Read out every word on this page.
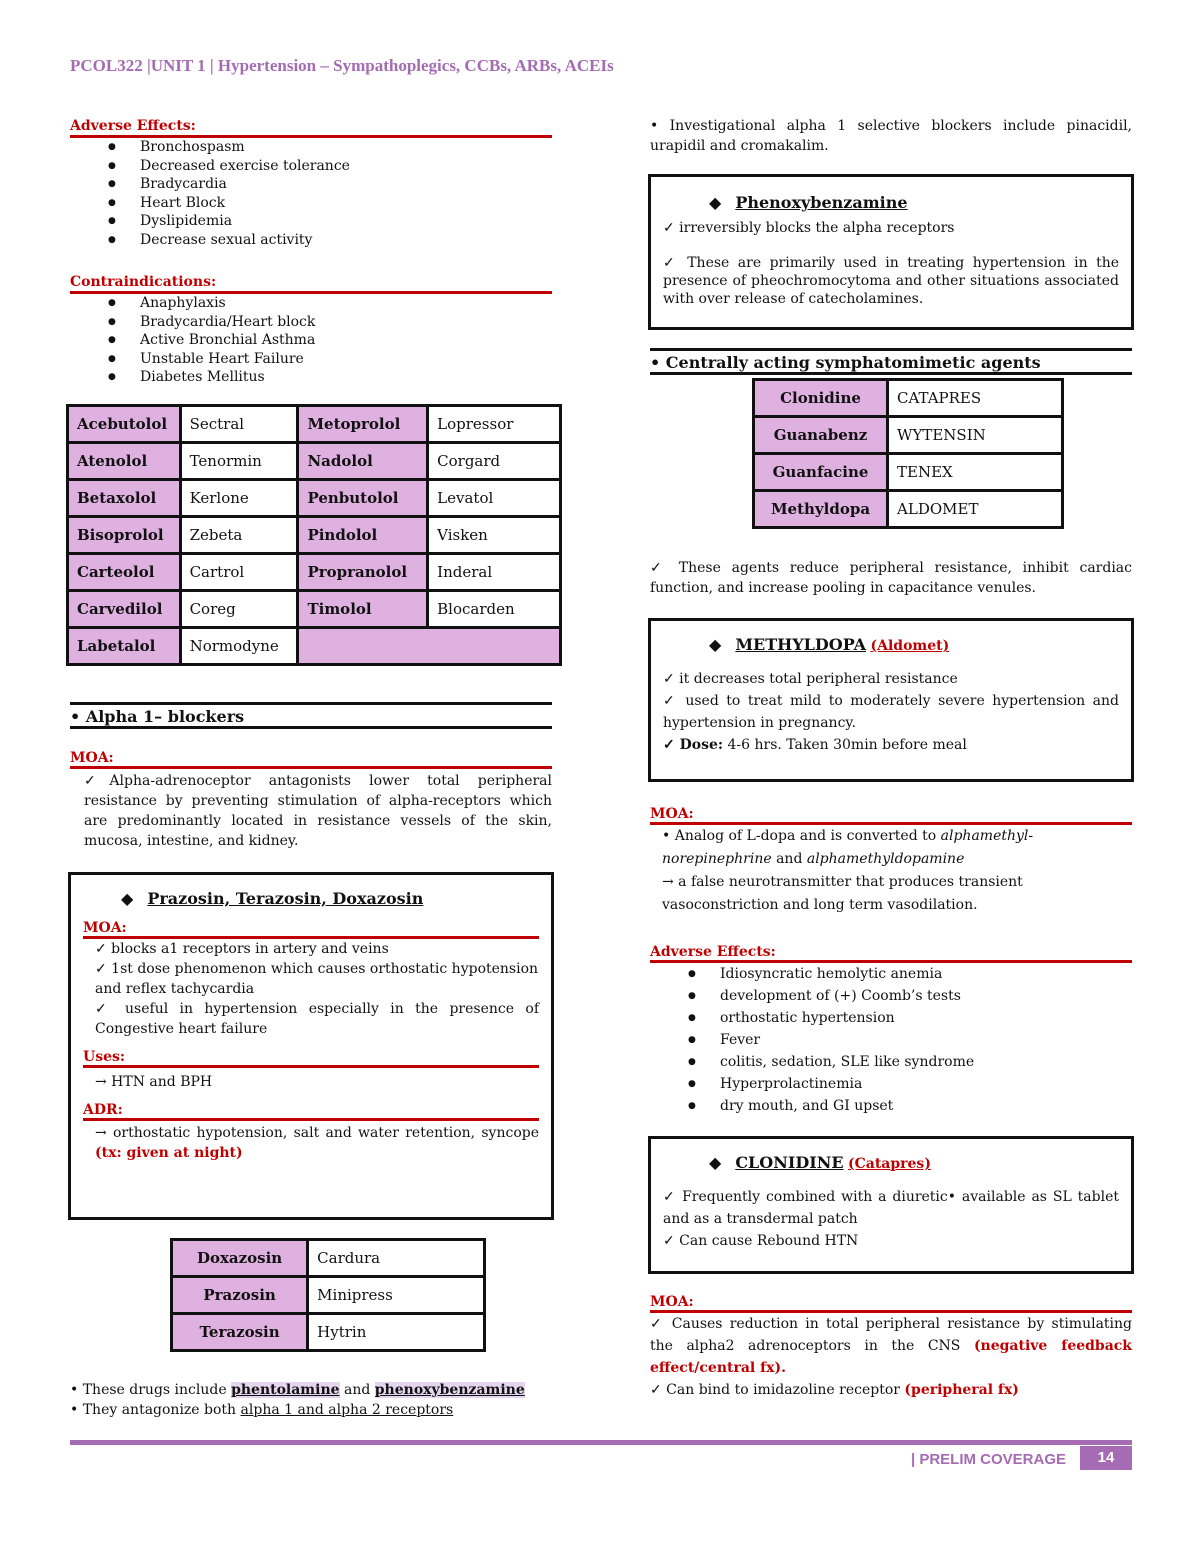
PCOL322 |UNIT 1 | Hypertension – Sympathoplegics, CCBs, ARBs, ACEIs
Adverse Effects:
● Bronchospasm
● Decreased exercise tolerance
● Bradycardia
● Heart Block
● Dyslipidemia
● Decrease sexual activity
Contraindications:
● Anaphylaxis
● Bradycardia/Heart block
● Active Bronchial Asthma
● Unstable Heart Failure
● Diabetes Mellitus
Acebutolol	Sectral	Metoprolol	Lopressor
Atenolol	Tenormin	Nadolol	Corgard
Betaxolol	Kerlone	Penbutolol	Levatol
Bisoprolol	Zebeta	Pindolol	Visken
Carteolol	Cartrol	Propranolol	Inderal
Carvedilol	Coreg	Timolol	Blocarden
Labetalol	Normodyne		
• Alpha 1– blockers
MOA:
✓Alpha-adrenoceptor antagonists lower total peripheral resistance by preventing stimulation of alpha-receptors which are predominantly located in resistance vessels of the skin, mucosa, intestine, and kidney.
◆ Prazosin, Terazosin, Doxazosin
MOA:
✓ blocks a1 receptors in artery and veins
✓ 1st dose phenomenon which causes orthostatic hypotension and reflex tachycardia
✓ useful in hypertension especially in the presence of Congestive heart failure
Uses:
→ HTN and BPH
ADR:
→ orthostatic hypotension, salt and water retention, syncope (tx: given at night)
Doxazosin	Cardura
Prazosin	Minipress
Terazosin	Hytrin
• These drugs include phentolamine and phenoxybenzamine
• They antagonize both alpha 1 and alpha 2 receptors
• Investigational alpha 1 selective blockers include pinacidil, urapidil and cromakalim.
◆ Phenoxybenzamine
✓ irreversibly blocks the alpha receptors
✓ These are primarily used in treating hypertension in the presence of pheochromocytoma and other situations associated with over release of catecholamines.
• Centrally acting symphatomimetic agents
Clonidine	CATAPRES
Guanabenz	WYTENSIN
Guanfacine	TENEX
Methyldopa	ALDOMET
✓ These agents reduce peripheral resistance, inhibit cardiac function, and increase pooling in capacitance venules.
◆ METHYLDOPA (Aldomet)
✓ it decreases total peripheral resistance
✓ used to treat mild to moderately severe hypertension and hypertension in pregnancy.
✓ Dose: 4-6 hrs. Taken 30min before meal
MOA:
• Analog of L-dopa and is converted to alphamethyl-norepinephrine and alphamethyldopamine
→ a false neurotransmitter that produces transient vasoconstriction and long term vasodilation.
Adverse Effects:
● Idiosyncratic hemolytic anemia
● development of (+) Coomb’s tests
● orthostatic hypertension
● Fever
● colitis, sedation, SLE like syndrome
● Hyperprolactinemia
● dry mouth, and GI upset
◆ CLONIDINE (Catapres)
✓ Frequently combined with a diuretic• available as SL tablet and as a transdermal patch
✓ Can cause Rebound HTN
MOA:
✓ Causes reduction in total peripheral resistance by stimulating the alpha2 adrenoceptors in the CNS (negative feedback effect/central fx).
✓ Can bind to imidazoline receptor (peripheral fx)
| PRELIM COVERAGE	14
